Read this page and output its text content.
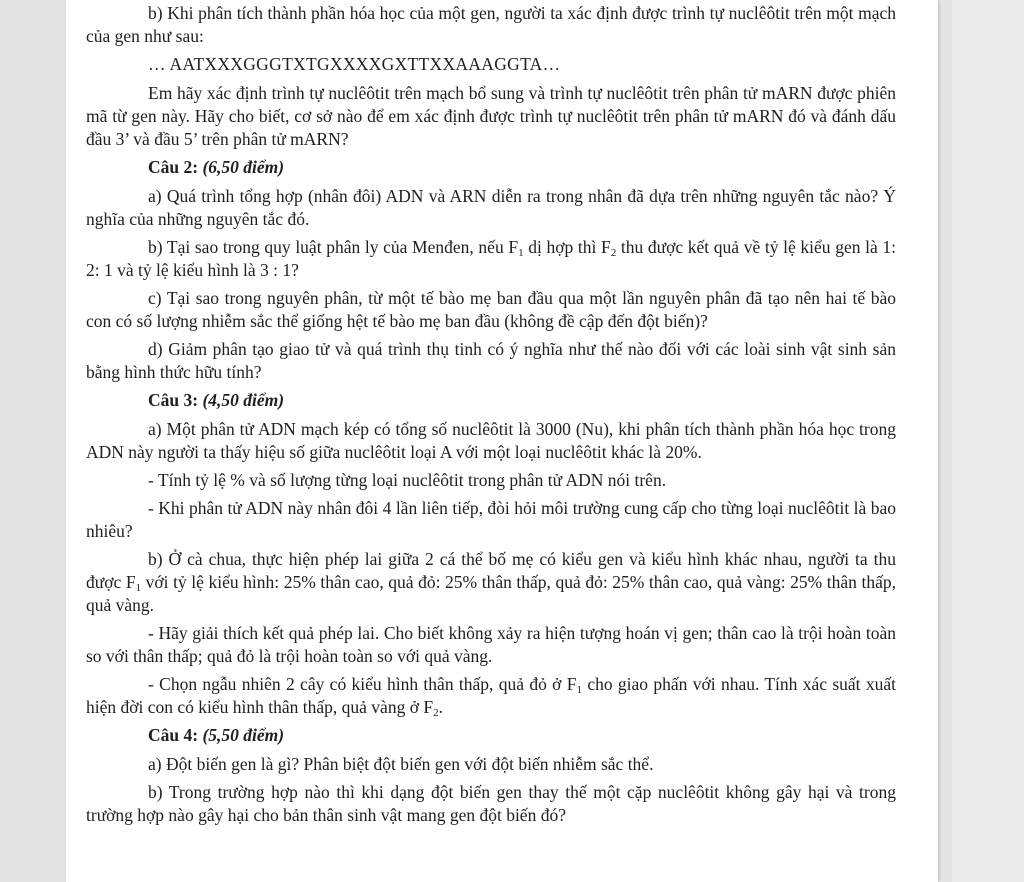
b) Khi phân tích thành phần hóa học của một gen, người ta xác định được trình tự nuclêôtit trên một mạch của gen như sau:

… AATXXXGGGTXTGXXXXGXTTXXAAAGGTA…

Em hãy xác định trình tự nuclêôtit trên mạch bổ sung và trình tự nuclêôtit trên phân tử mARN được phiên mã từ gen này. Hãy cho biết, cơ sở nào để em xác định được trình tự nuclêôtit trên phân tử mARN đó và đánh dấu đầu 3’ và đầu 5’ trên phân tử mARN?

Câu 2: (6,50 điểm)

a) Quá trình tổng hợp (nhân đôi) ADN và ARN diễn ra trong nhân đã dựa trên những nguyên tắc nào? Ý nghĩa của những nguyên tắc đó.

b) Tại sao trong quy luật phân ly của Menđen, nếu $F_1$ dị hợp thì $F_2$ thu được kết quả về tỷ lệ kiểu gen là 1: 2: 1 và tỷ lệ kiểu hình là 3 : 1?

c) Tại sao trong nguyên phân, từ một tế bào mẹ ban đầu qua một lần nguyên phân đã tạo nên hai tế bào con có số lượng nhiễm sắc thể giống hệt tế bào mẹ ban đầu (không đề cập đến đột biến)?

d) Giảm phân tạo giao tử và quá trình thụ tinh có ý nghĩa như thế nào đối với các loài sinh vật sinh sản bằng hình thức hữu tính?

Câu 3: (4,50 điểm)

a) Một phân tử ADN mạch kép có tổng số nuclêôtit là 3000 (Nu), khi phân tích thành phần hóa học trong ADN này người ta thấy hiệu số giữa nuclêôtit loại A với một loại nuclêôtit khác là 20%.

- Tính tỷ lệ % và số lượng từng loại nuclêôtit trong phân tử ADN nói trên.

- Khi phân tử ADN này nhân đôi 4 lần liên tiếp, đòi hỏi môi trường cung cấp cho từng loại nuclêôtit là bao nhiêu?

b) Ở cà chua, thực hiện phép lai giữa 2 cá thể bố mẹ có kiểu gen và kiểu hình khác nhau, người ta thu được $F_1$ với tỷ lệ kiểu hình: 25% thân cao, quả đỏ: 25% thân thấp, quả đỏ: 25% thân cao, quả vàng: 25% thân thấp, quả vàng.

- Hãy giải thích kết quả phép lai. Cho biết không xảy ra hiện tượng hoán vị gen; thân cao là trội hoàn toàn so với thân thấp; quả đỏ là trội hoàn toàn so với quả vàng.

- Chọn ngẫu nhiên 2 cây có kiểu hình thân thấp, quả đỏ ở $F_1$ cho giao phấn với nhau. Tính xác suất xuất hiện đời con có kiểu hình thân thấp, quả vàng ở $F_2$.

Câu 4: (5,50 điểm)

a) Đột biến gen là gì? Phân biệt đột biến gen với đột biến nhiễm sắc thể.

b) Trong trường hợp nào thì khi dạng đột biến gen thay thế một cặp nuclêôtit không gây hại và trong trường hợp nào gây hại cho bản thân sinh vật mang gen đột biến đó?
